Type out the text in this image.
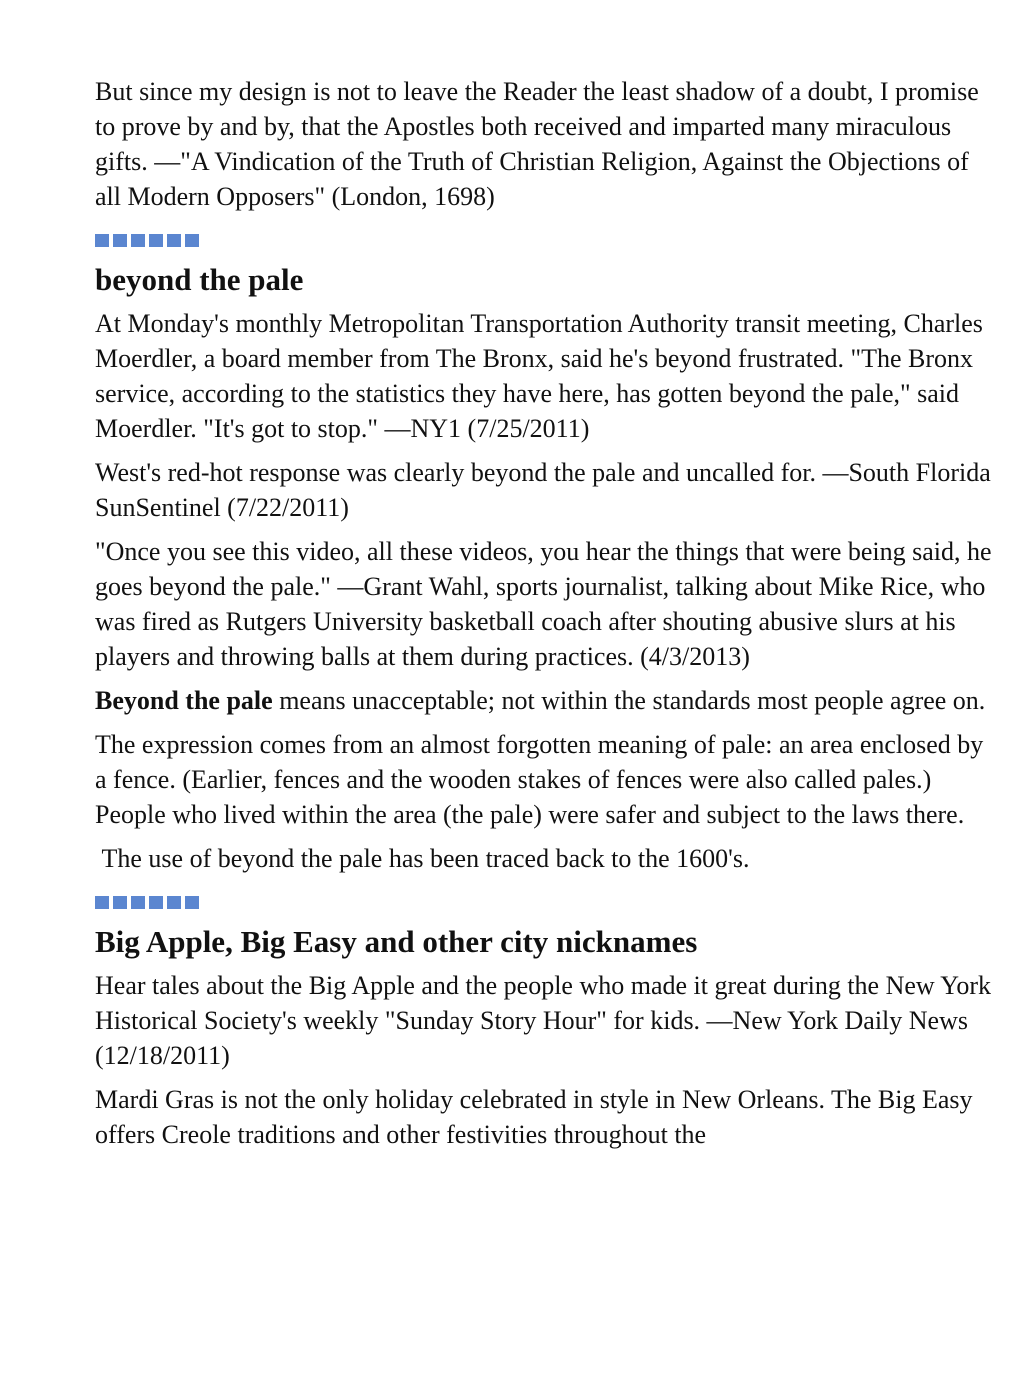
But since my design is not to leave the Reader the least shadow of a doubt, I promise to prove by and by, that the Apostles both received and imparted many miraculous gifts. —"A Vindication of the Truth of Christian Religion, Against the Objections of all Modern Opposers" (London, 1698)

beyond the pale

At Monday's monthly Metropolitan Transportation Authority transit meeting, Charles Moerdler, a board member from The Bronx, said he's beyond frustrated. "The Bronx service, according to the statistics they have here, has gotten beyond the pale," said Moerdler. "It's got to stop." —NY1 (7/25/2011)

West's red-hot response was clearly beyond the pale and uncalled for. —South Florida SunSentinel (7/22/2011)

"Once you see this video, all these videos, you hear the things that were being said, he goes beyond the pale." —Grant Wahl, sports journalist, talking about Mike Rice, who was fired as Rutgers University basketball coach after shouting abusive slurs at his players and throwing balls at them during practices. (4/3/2013)

Beyond the pale means unacceptable; not within the standards most people agree on.

The expression comes from an almost forgotten meaning of pale: an area enclosed by a fence. (Earlier, fences and the wooden stakes of fences were also called pales.) People who lived within the area (the pale) were safer and subject to the laws there.

The use of beyond the pale has been traced back to the 1600's.

Big Apple, Big Easy and other city nicknames

Hear tales about the Big Apple and the people who made it great during the New York Historical Society's weekly "Sunday Story Hour" for kids. —New York Daily News (12/18/2011)

Mardi Gras is not the only holiday celebrated in style in New Orleans. The Big Easy offers Creole traditions and other festivities throughout the
